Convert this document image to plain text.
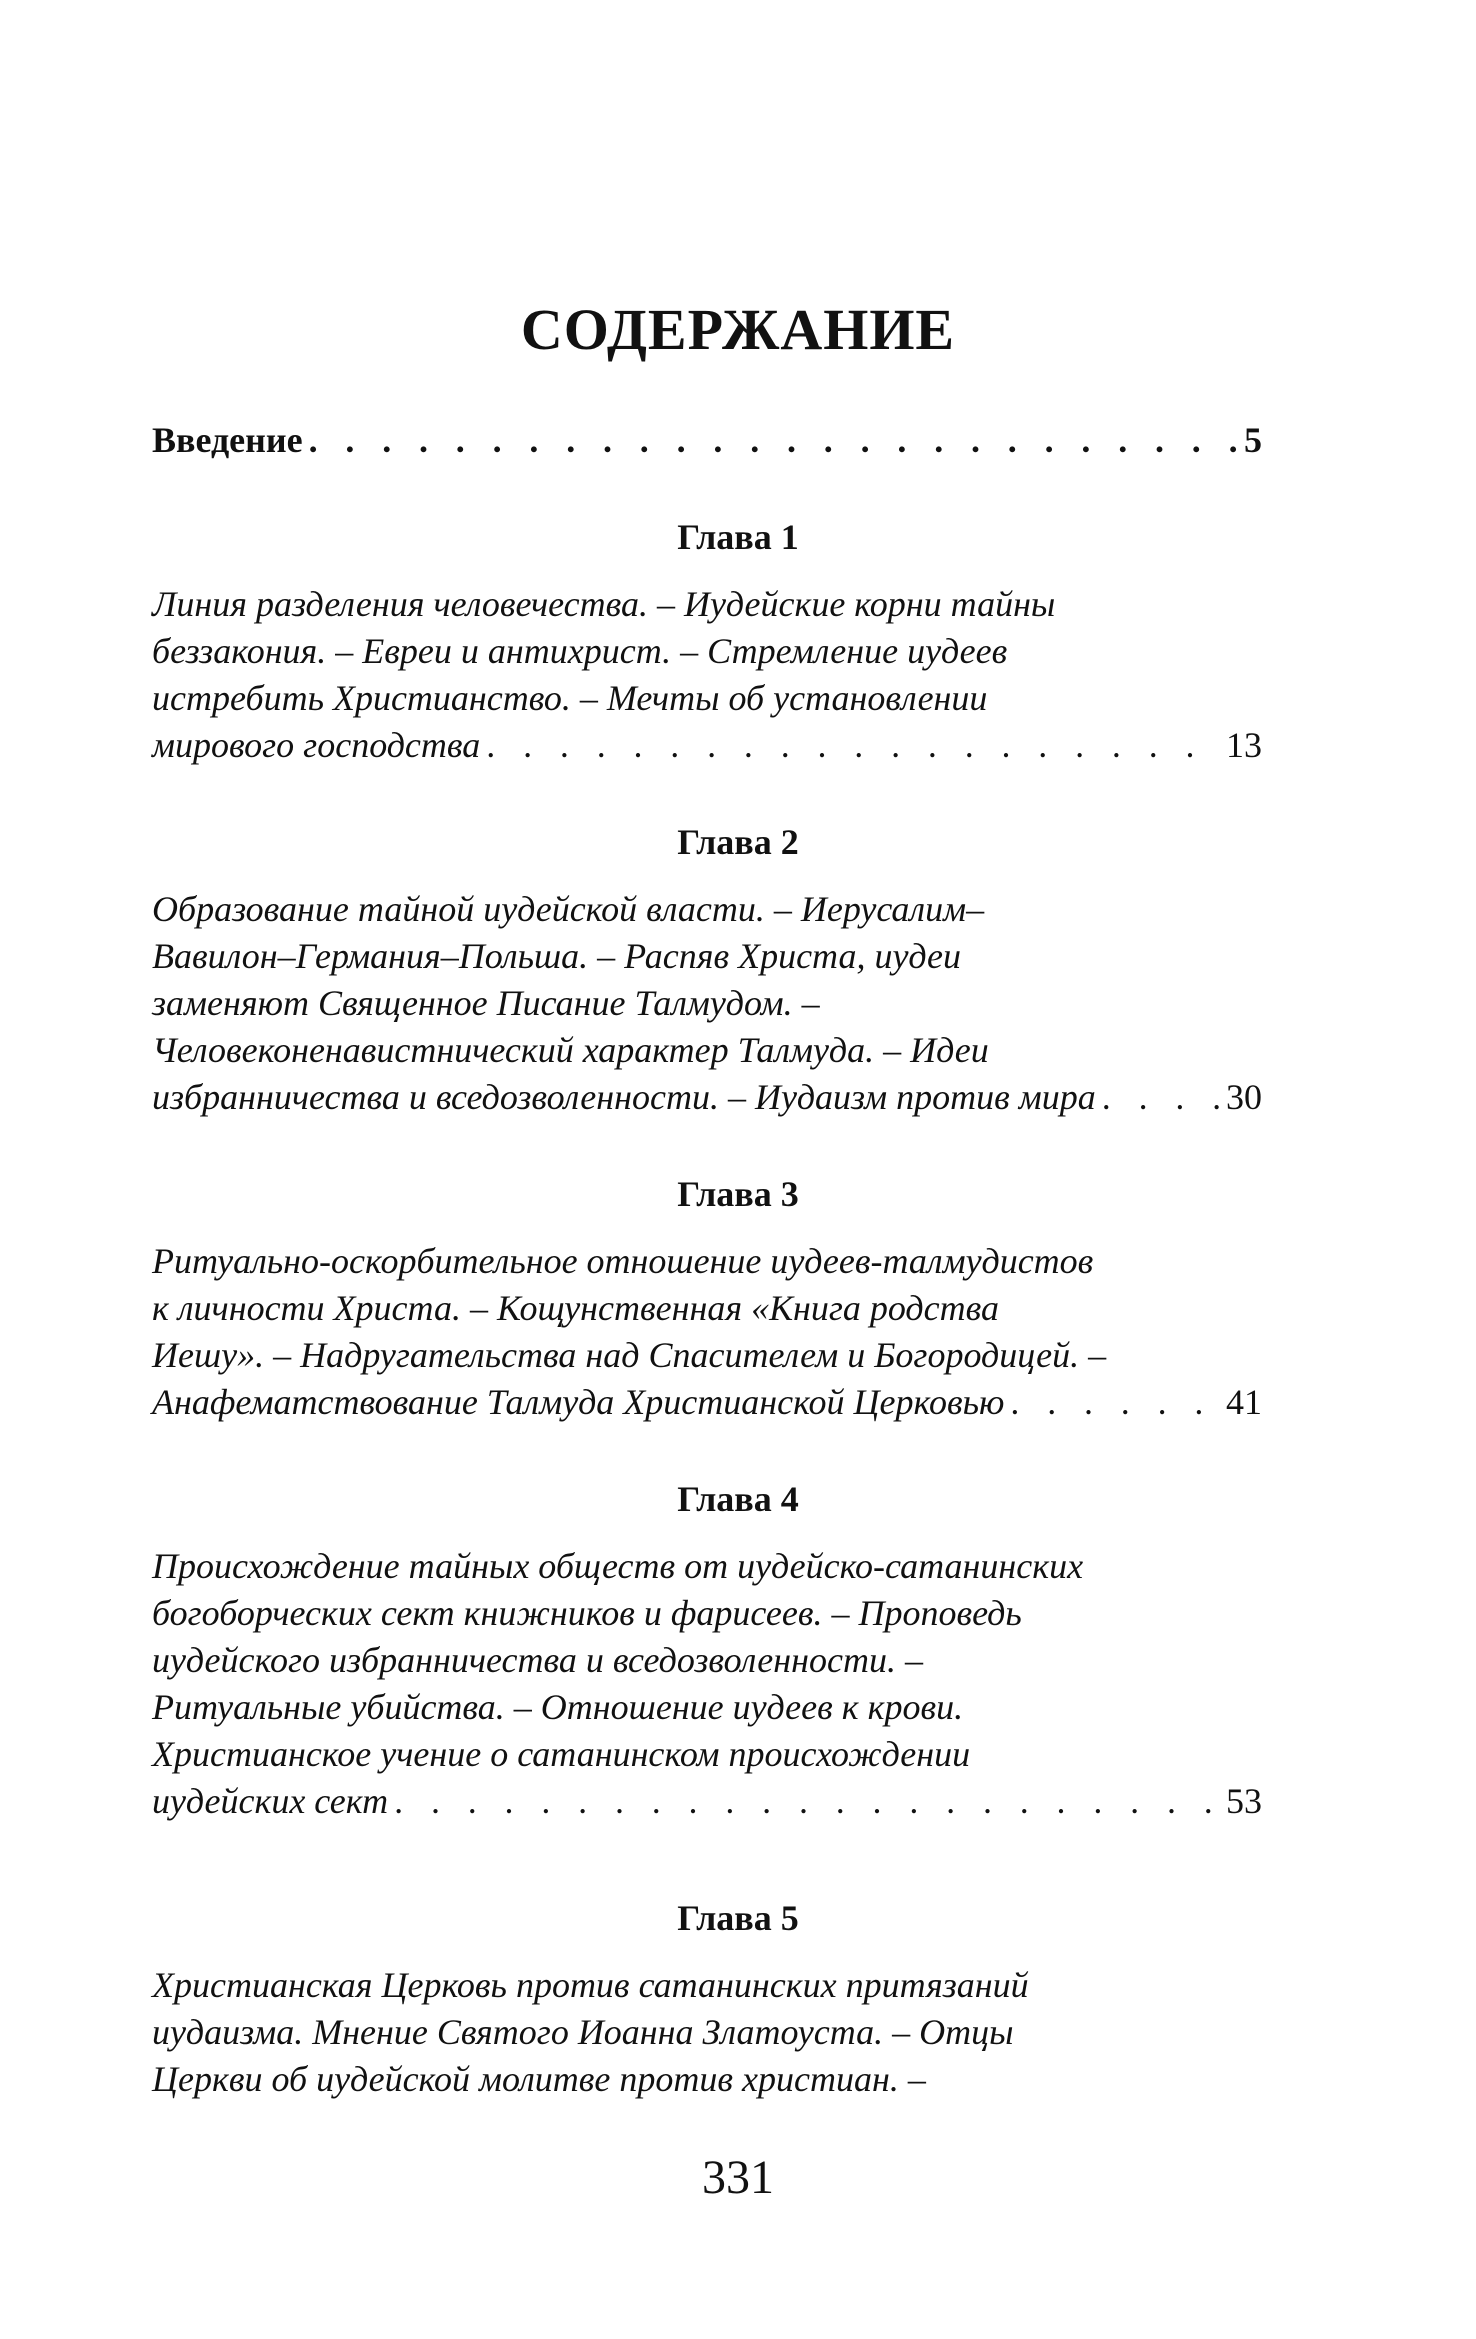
СОДЕРЖАНИЕ
Введение . . .	5
Глава 1
Линия разделения человечества. – Иудейские корни тайны
беззакония. – Евреи и антихрист. – Стремление иудеев
истребить Христианство. – Мечты об установлении
мирового господства . . .	13
Глава 2
Образование тайной иудейской власти. – Иерусалим–
Вавилон–Германия–Польша. – Распяв Христа, иудеи
заменяют Священное Писание Талмудом. –
Человеконенавистнический характер Талмуда. – Идеи
избранничества и вседозволенности. – Иудаизм против мира . . .	30
Глава 3
Ритуально-оскорбительное отношение иудеев-талмудистов
к личности Христа. – Кощунственная «Книга родства
Иешу». – Надругательства над Спасителем и Богородицей. –
Анафематствование Талмуда Христианской Церковью . . .	41
Глава 4
Происхождение тайных обществ от иудейско-сатанинских
богоборческих сект книжников и фарисеев. – Проповедь
иудейского избранничества и вседозволенности. –
Ритуальные убийства. – Отношение иудеев к крови.
Христианское учение о сатанинском происхождении
иудейских сект . . .	53
Глава 5
Христианская Церковь против сатанинских притязаний
иудаизма. Мнение Святого Иоанна Златоуста. – Отцы
Церкви об иудейской молитве против христиан. –
331
